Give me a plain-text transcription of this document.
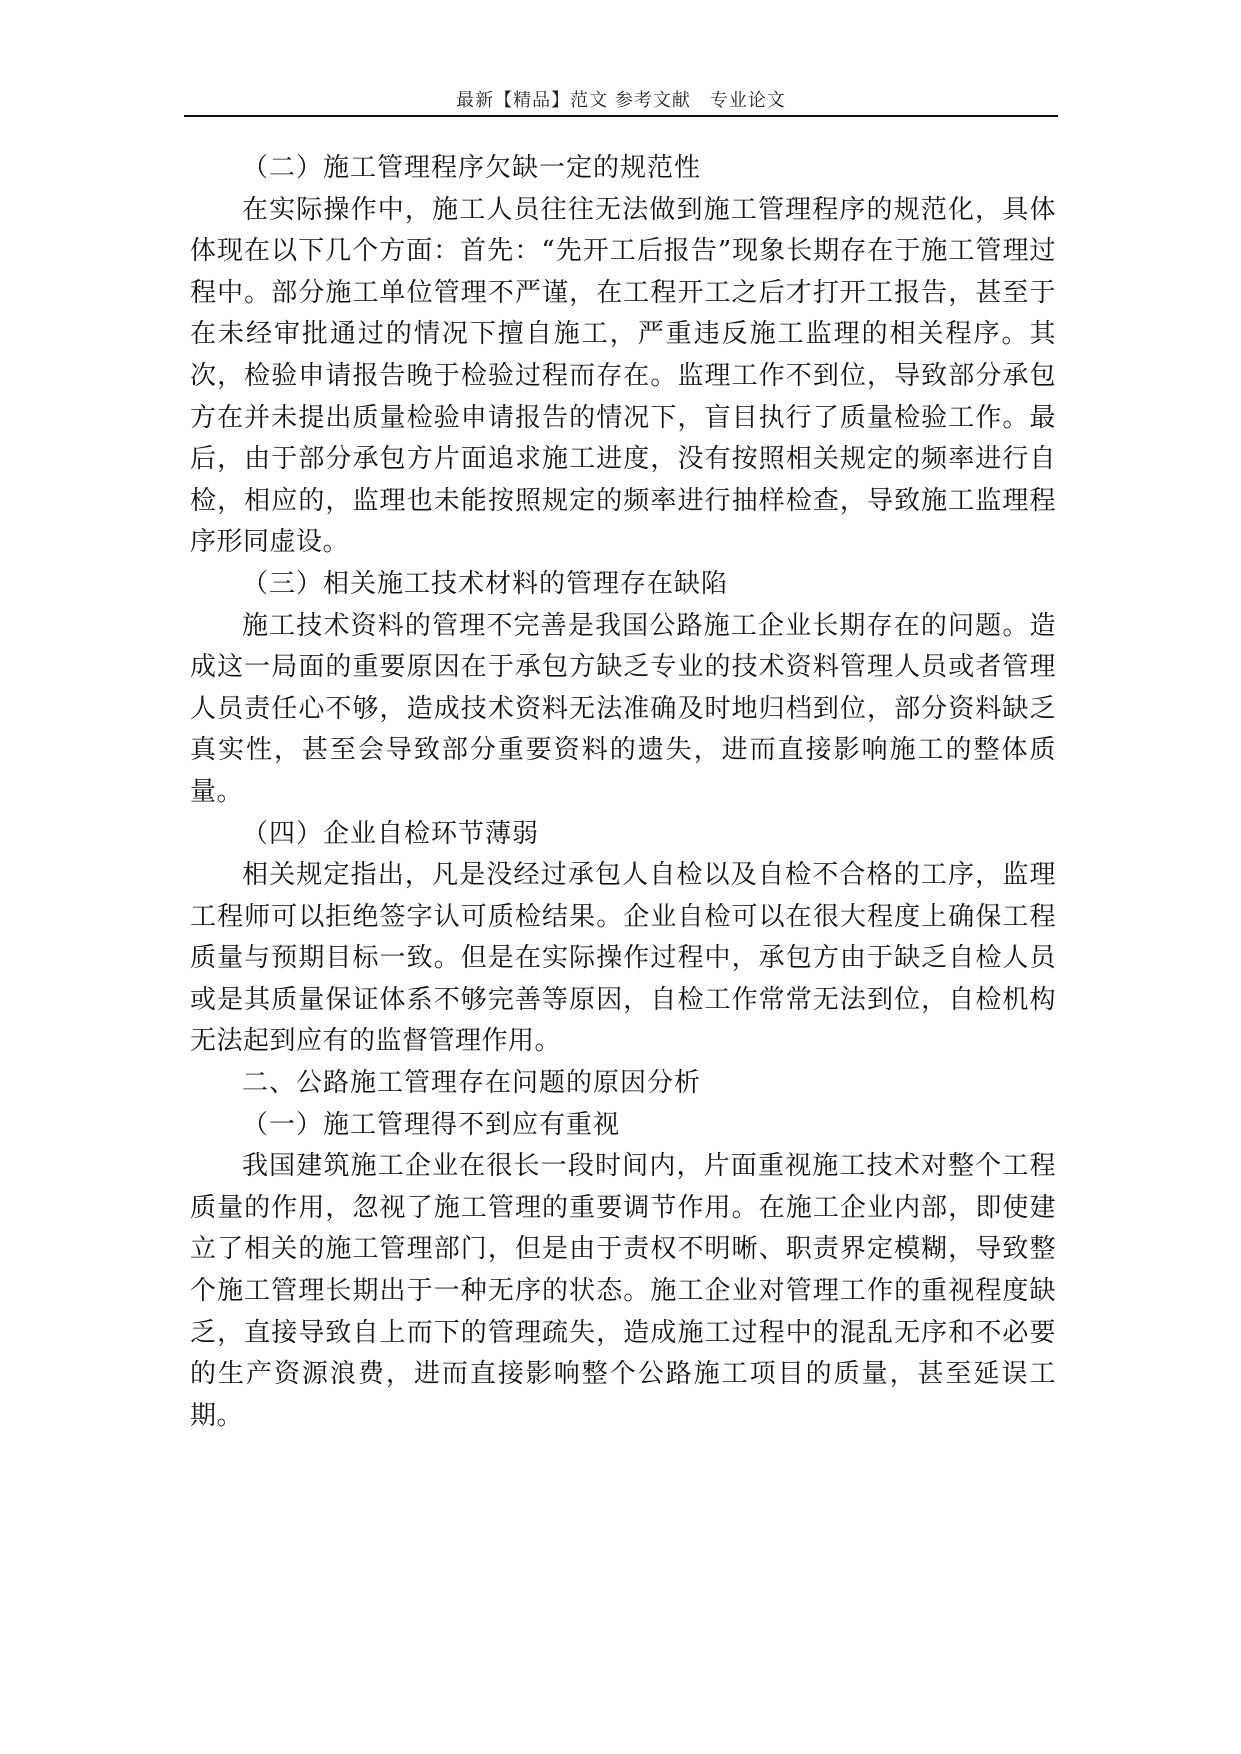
最新【精品】范文 参考文献　专业论文

（二）施工管理程序欠缺一定的规范性

在实际操作中，施工人员往往无法做到施工管理程序的规范化，具体体现在以下几个方面：首先：“先开工后报告”现象长期存在于施工管理过程中。部分施工单位管理不严谨，在工程开工之后才打开工报告，甚至于在未经审批通过的情况下擅自施工，严重违反施工监理的相关程序。其次，检验申请报告晚于检验过程而存在。监理工作不到位，导致部分承包方在并未提出质量检验申请报告的情况下，盲目执行了质量检验工作。最后，由于部分承包方片面追求施工进度，没有按照相关规定的频率进行自检，相应的，监理也未能按照规定的频率进行抽样检查，导致施工监理程序形同虚设。

（三）相关施工技术材料的管理存在缺陷

施工技术资料的管理不完善是我国公路施工企业长期存在的问题。造成这一局面的重要原因在于承包方缺乏专业的技术资料管理人员或者管理人员责任心不够，造成技术资料无法准确及时地归档到位，部分资料缺乏真实性，甚至会导致部分重要资料的遗失，进而直接影响施工的整体质量。

（四）企业自检环节薄弱

相关规定指出，凡是没经过承包人自检以及自检不合格的工序，监理工程师可以拒绝签字认可质检结果。企业自检可以在很大程度上确保工程质量与预期目标一致。但是在实际操作过程中，承包方由于缺乏自检人员或是其质量保证体系不够完善等原因，自检工作常常无法到位，自检机构无法起到应有的监督管理作用。

二、公路施工管理存在问题的原因分析

（一）施工管理得不到应有重视

我国建筑施工企业在很长一段时间内，片面重视施工技术对整个工程质量的作用，忽视了施工管理的重要调节作用。在施工企业内部，即使建立了相关的施工管理部门，但是由于责权不明晰、职责界定模糊，导致整个施工管理长期出于一种无序的状态。施工企业对管理工作的重视程度缺乏，直接导致自上而下的管理疏失，造成施工过程中的混乱无序和不必要的生产资源浪费，进而直接影响整个公路施工项目的质量，甚至延误工期。
